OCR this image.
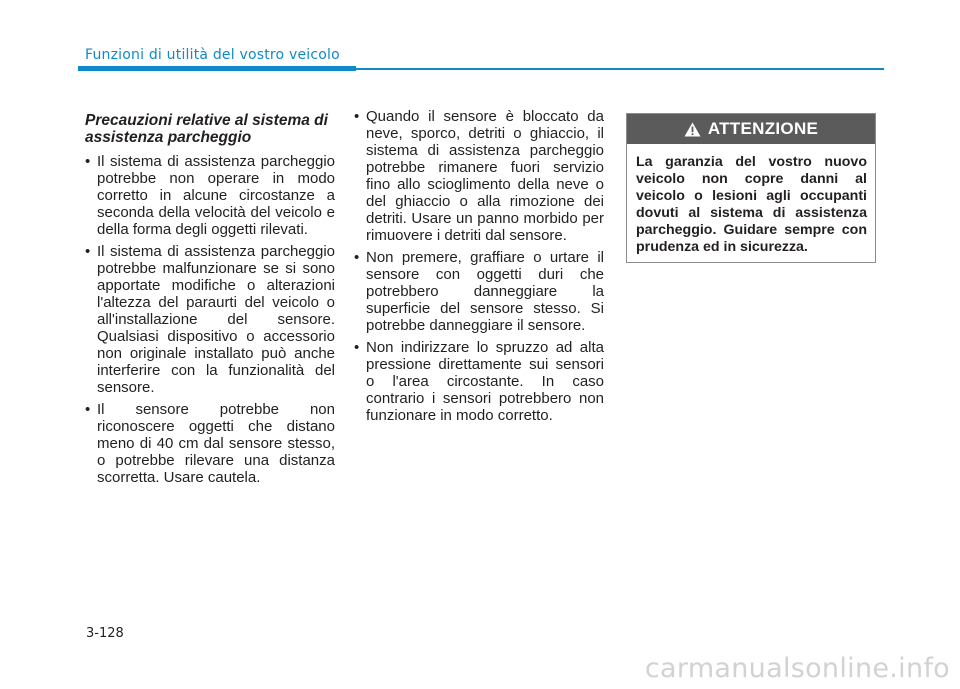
Funzioni di utilità del vostro veicolo
Precauzioni relative al sistema di assistenza parcheggio
• Il sistema di assistenza parcheggio potrebbe non operare in modo corretto in alcune circostanze a seconda della velocità del veicolo e della forma degli oggetti rilevati.
• Il sistema di assistenza parcheggio potrebbe malfunzionare se si sono apportate modifiche o alterazioni l'altezza del paraurti del veicolo o all'installazione del sensore. Qualsiasi dispositivo o accessorio non originale installato può anche interferire con la funzionalità del sensore.
• Il sensore potrebbe non riconoscere oggetti che distano meno di 40 cm dal sensore stesso, o potrebbe rilevare una distanza scorretta. Usare cautela.
• Quando il sensore è bloccato da neve, sporco, detriti o ghiaccio, il sistema di assistenza parcheggio potrebbe rimanere fuori servizio fino allo scioglimento della neve o del ghiaccio o alla rimozione dei detriti. Usare un panno morbido per rimuovere i detriti dal sensore.
• Non premere, graffiare o urtare il sensore con oggetti duri che potrebbero danneggiare la superficie del sensore stesso. Si potrebbe danneggiare il sensore.
• Non indirizzare lo spruzzo ad alta pressione direttamente sui sensori o l'area circostante. In caso contrario i sensori potrebbero non funzionare in modo corretto.
ATTENZIONE
La garanzia del vostro nuovo veicolo non copre danni al veicolo o lesioni agli occupanti dovuti al sistema di assistenza parcheggio. Guidare sempre con prudenza ed in sicurezza.
3-128
carmanualsonline.info
